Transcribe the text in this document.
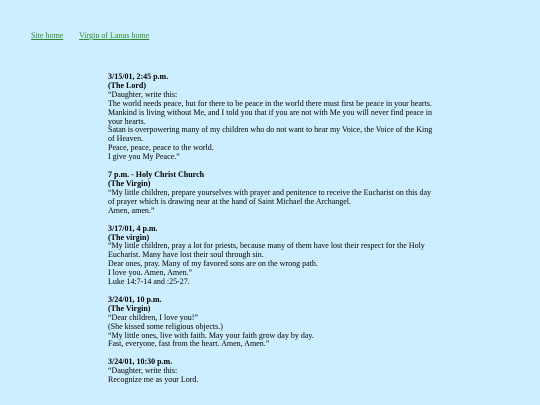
Site home Virgin of Lanus home
3/15/01, 2:45 p.m.
(The Lord)
“Daughter, write this:
The world needs peace, but for there to be peace in the world there must first be peace in your hearts. Mankind is living without Me, and I told you that if you are not with Me you will never find peace in your hearts.
Satan is overpowering many of my children who do not want to hear my Voice, the Voice of the King of Heaven.
Peace, peace, peace to the world.
I give you My Peace.”
7 p.m. - Holy Christ Church
(The Virgin)
“My little children, prepare yourselves with prayer and penitence to receive the Eucharist on this day of prayer which is drawing near at the hand of Saint Michael the Archangel.
Amen, amen.”
3/17/01, 4 p.m.
(The virgin)
“My little children, pray a lot for priests, because many of them have lost their respect for the Holy Eucharist. Many have lost their soul through sin.
Dear ones, pray. Many of my favored sons are on the wrong path.
I love you. Amen, Amen.”
Luke 14:7-14 and :25-27.
3/24/01, 10 p.m.
(The Virgin)
“Dear children, I love you!”
(She kissed some religious objects.)
“My little ones, live with faith. May your faith grow day by day.
Fast, everyone, fast from the heart. Amen, Amen.”
3/24/01, 10:30 p.m.
“Daughter, write this:
Recognize me as your Lord.
